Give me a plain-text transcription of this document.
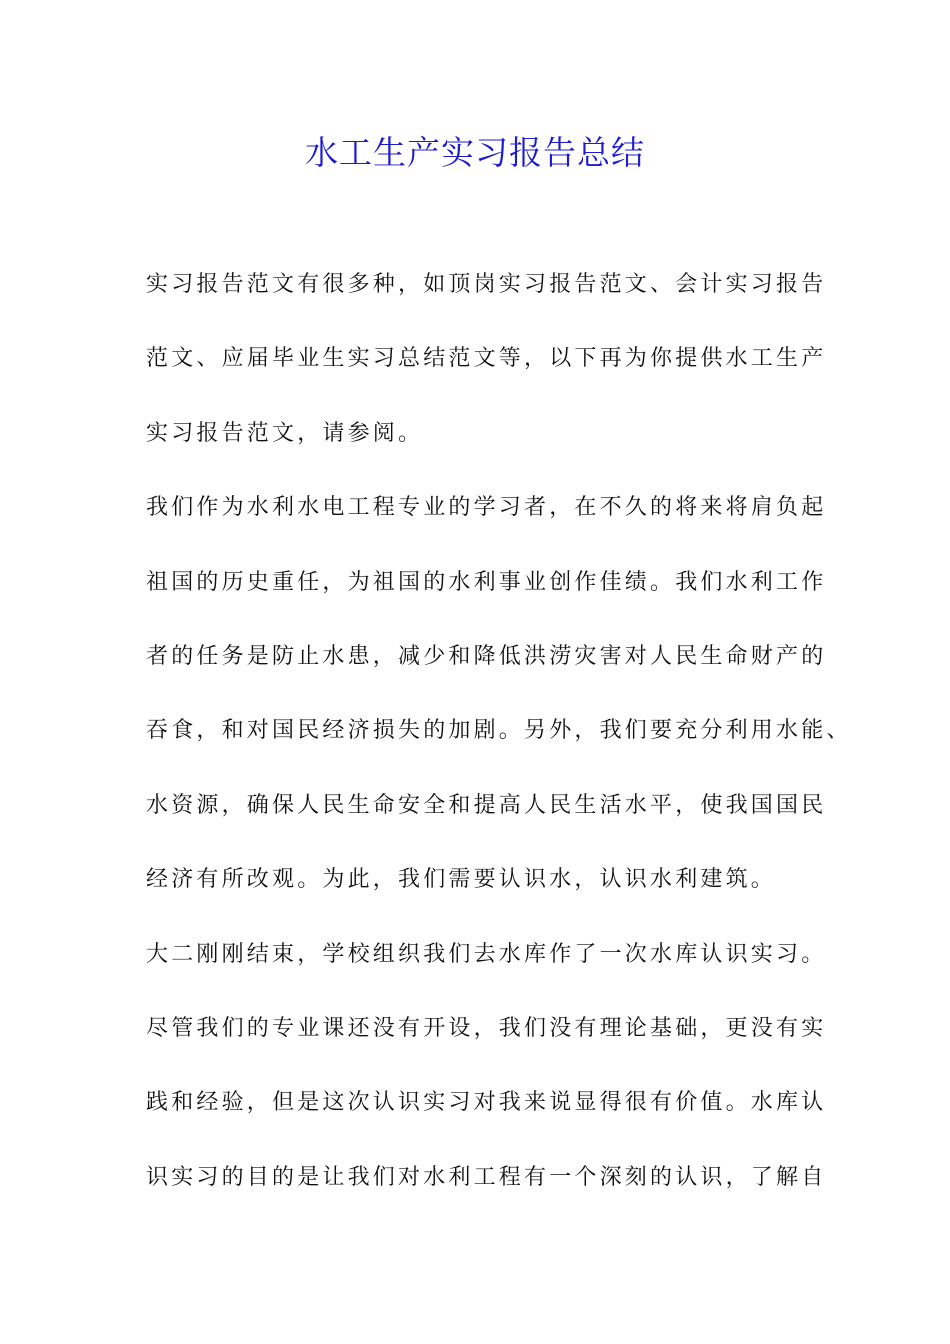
水工生产实习报告总结
实习报告范文有很多种，如顶岗实习报告范文、会计实习报告
范文、应届毕业生实习总结范文等，以下再为你提供水工生产
实习报告范文，请参阅。
我们作为水利水电工程专业的学习者，在不久的将来将肩负起
祖国的历史重任，为祖国的水利事业创作佳绩。我们水利工作
者的任务是防止水患，减少和降低洪涝灾害对人民生命财产的
吞食，和对国民经济损失的加剧。另外，我们要充分利用水能、
水资源，确保人民生命安全和提高人民生活水平，使我国国民
经济有所改观。为此，我们需要认识水，认识水利建筑。
大二刚刚结束，学校组织我们去水库作了一次水库认识实习。
尽管我们的专业课还没有开设，我们没有理论基础，更没有实
践和经验，但是这次认识实习对我来说显得很有价值。水库认
识实习的目的是让我们对水利工程有一个深刻的认识，了解自
